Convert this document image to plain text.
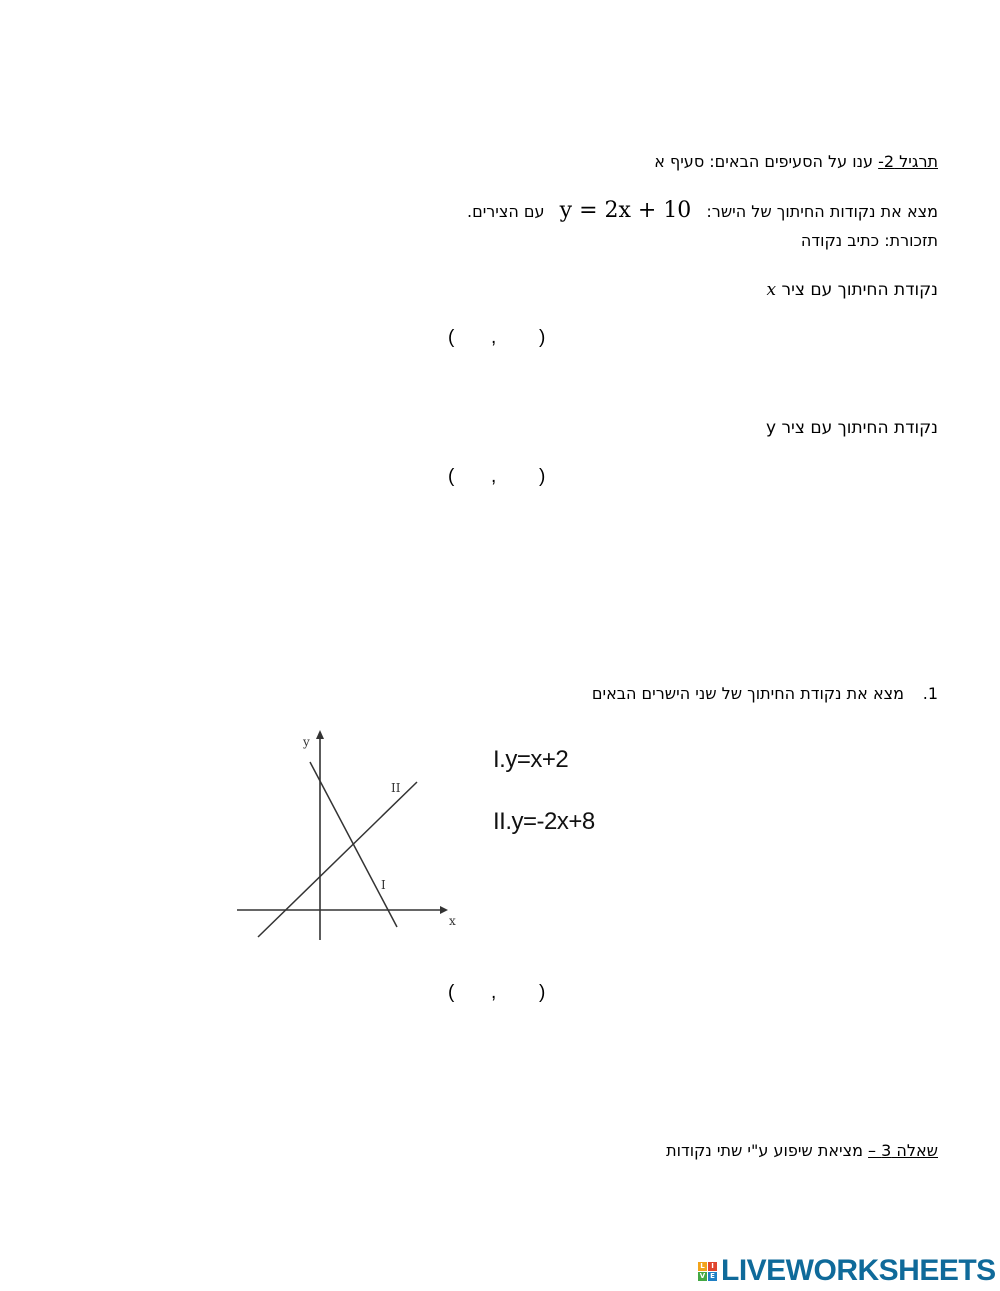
תרגיל 2- ענו על הסעיפים הבאים: סעיף א
מצא את נקודות החיתוך של הישר: y = 2x + 10 עם הצירים.
תזכורת: כתיב נקודה
נקודת החיתוך עם ציר x
( , )
נקודת החיתוך עם ציר y
( , )
מצא את נקודת החיתוך של שני הישרים הבאים 1.
y
x
I
II
I.y=x+2
II.y=-2x+8
( , )
שאלה 3 – מציאת שיפוע ע"י שתי נקודות
L I
V E LIVEWORKSHEETS
